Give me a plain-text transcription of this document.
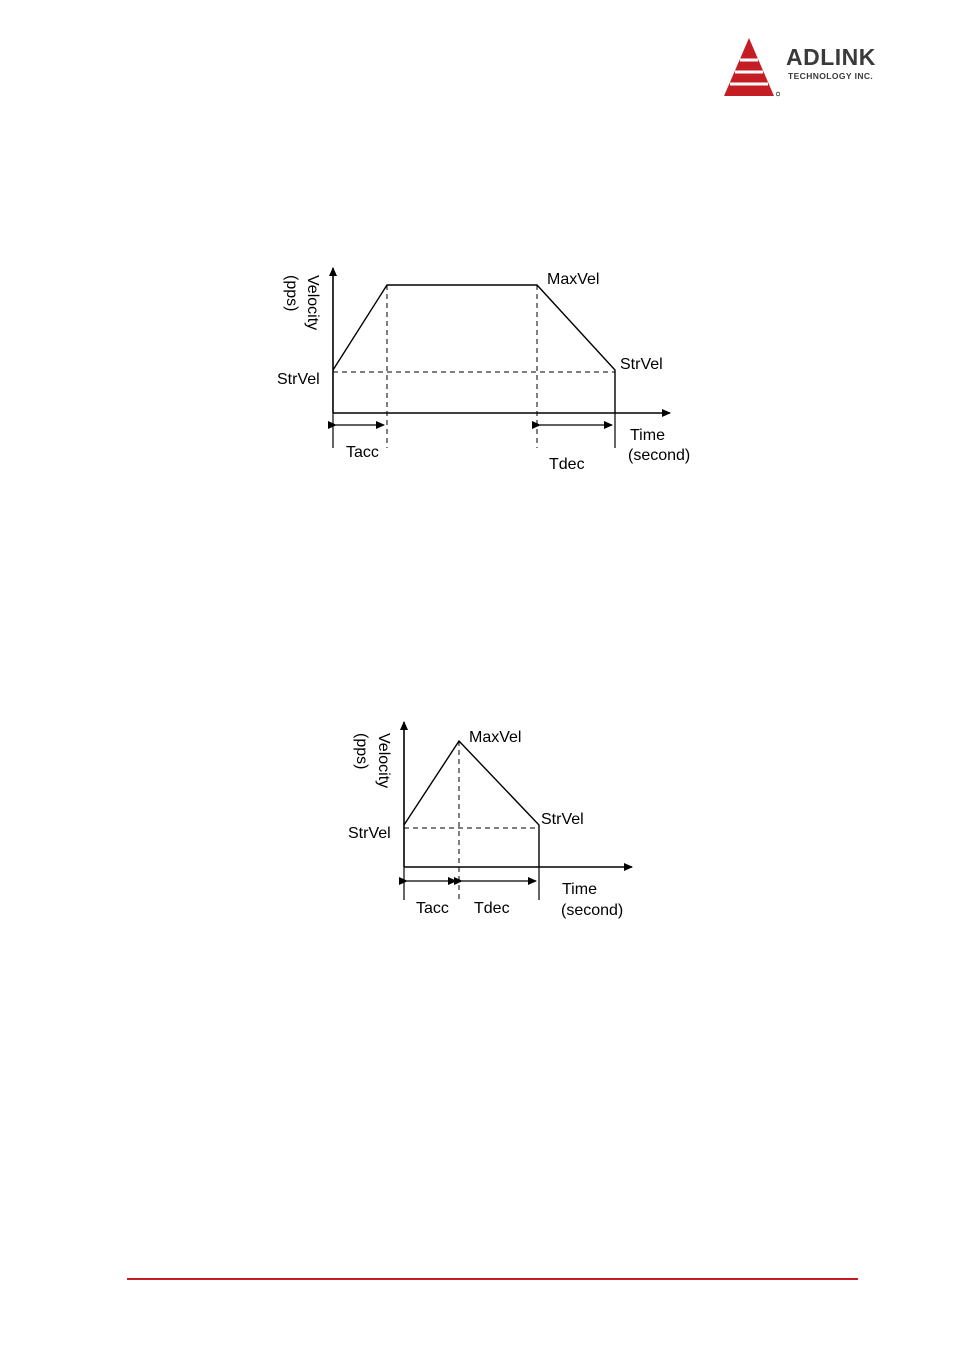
ADLINK
TECHNOLOGY INC.
Velocity
(pps)	MaxVel
StrVel
StrVel
Time
(second)
Tacc
Tdec
Velocity
(pps)	MaxVel
StrVel
StrVel
Time
(second)
Tacc Tdec
